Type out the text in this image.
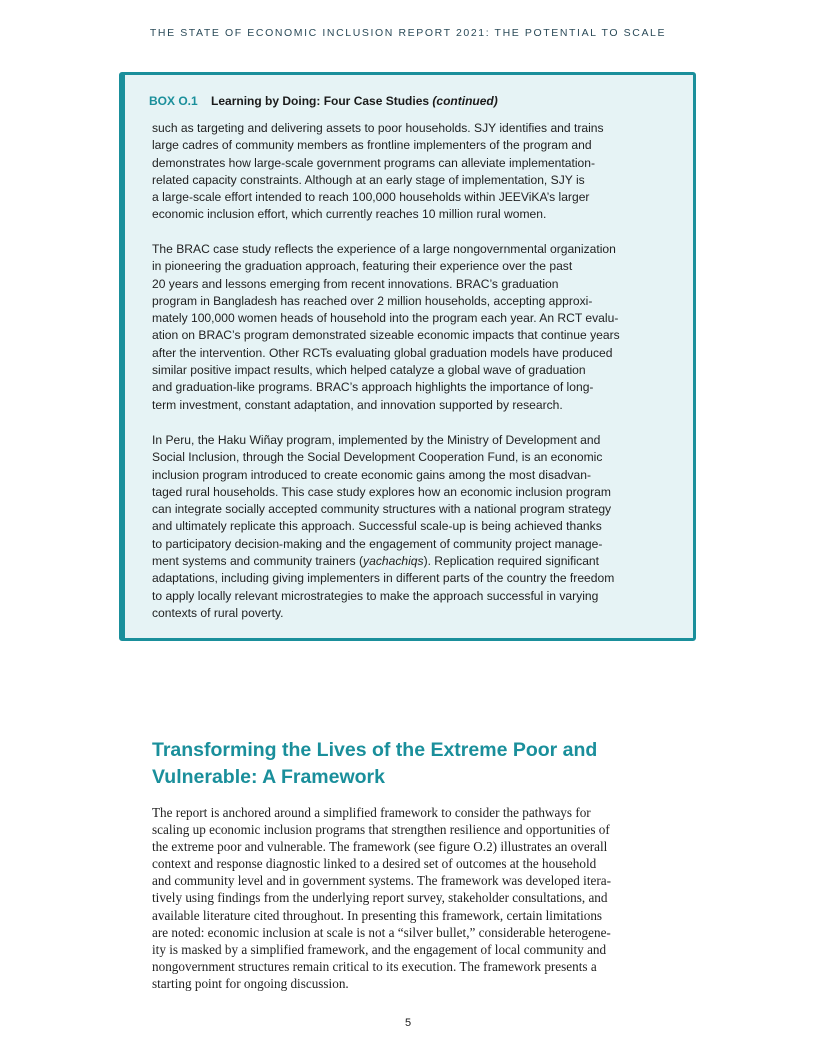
THE STATE OF ECONOMIC INCLUSION REPORT 2021: THE POTENTIAL TO SCALE
BOX O.1 Learning by Doing: Four Case Studies (continued)

such as targeting and delivering assets to poor households. SJY identifies and trains
large cadres of community members as frontline implementers of the program and
demonstrates how large-scale government programs can alleviate implementation-
related capacity constraints. Although at an early stage of implementation, SJY is
a large-scale effort intended to reach 100,000 households within JEEViKA’s larger
economic inclusion effort, which currently reaches 10 million rural women.

The BRAC case study reflects the experience of a large nongovernmental organization
in pioneering the graduation approach, featuring their experience over the past
20 years and lessons emerging from recent innovations. BRAC’s graduation
program in Bangladesh has reached over 2 million households, accepting approxi-
mately 100,000 women heads of household into the program each year. An RCT evalu-
ation on BRAC’s program demonstrated sizeable economic impacts that continue years
after the intervention. Other RCTs evaluating global graduation models have produced
similar positive impact results, which helped catalyze a global wave of graduation
and graduation-like programs. BRAC’s approach highlights the importance of long-
term investment, constant adaptation, and innovation supported by research.

In Peru, the Haku Wiñay program, implemented by the Ministry of Development and
Social Inclusion, through the Social Development Cooperation Fund, is an economic
inclusion program introduced to create economic gains among the most disadvan-
taged rural households. This case study explores how an economic inclusion program
can integrate socially accepted community structures with a national program strategy
and ultimately replicate this approach. Successful scale-up is being achieved thanks
to participatory decision-making and the engagement of community project manage-
ment systems and community trainers (yachachiqs). Replication required significant
adaptations, including giving implementers in different parts of the country the freedom
to apply locally relevant microstrategies to make the approach successful in varying
contexts of rural poverty.

Transforming the Lives of the Extreme Poor and
Vulnerable: A Framework

The report is anchored around a simplified framework to consider the pathways for
scaling up economic inclusion programs that strengthen resilience and opportunities of
the extreme poor and vulnerable. The framework (see figure O.2) illustrates an overall
context and response diagnostic linked to a desired set of outcomes at the household
and community level and in government systems. The framework was developed itera-
tively using findings from the underlying report survey, stakeholder consultations, and
available literature cited throughout. In presenting this framework, certain limitations
are noted: economic inclusion at scale is not a “silver bullet,” considerable heterogene-
ity is masked by a simplified framework, and the engagement of local community and
nongovernment structures remain critical to its execution. The framework presents a
starting point for ongoing discussion.

5
